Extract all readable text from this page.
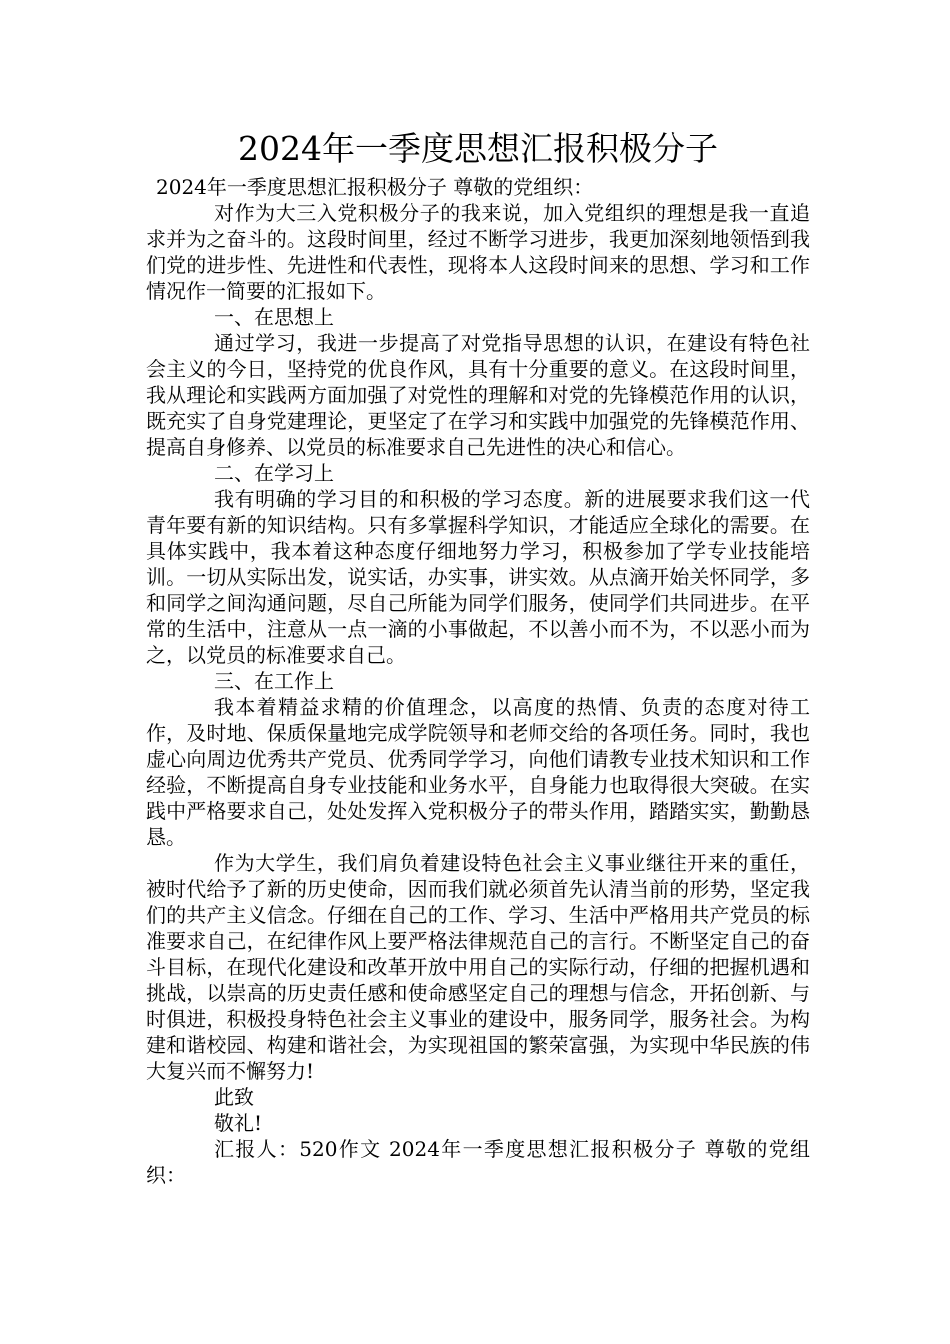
2024年一季度思想汇报积极分子

2024年一季度思想汇报积极分子 尊敬的党组织：

对作为大三入党积极分子的我来说，加入党组织的理想是我一直追求并为之奋斗的。这段时间里，经过不断学习进步，我更加深刻地领悟到我们党的进步性、先进性和代表性，现将本人这段时间来的思想、学习和工作情况作一简要的汇报如下。

一、在思想上

通过学习，我进一步提高了对党指导思想的认识，在建设有特色社会主义的今日，坚持党的优良作风，具有十分重要的意义。在这段时间里，我从理论和实践两方面加强了对党性的理解和对党的先锋模范作用的认识，既充实了自身党建理论，更坚定了在学习和实践中加强党的先锋模范作用、提高自身修养、以党员的标准要求自己先进性的决心和信心。

二、在学习上

我有明确的学习目的和积极的学习态度。新的进展要求我们这一代青年要有新的知识结构。只有多掌握科学知识，才能适应全球化的需要。在具体实践中，我本着这种态度仔细地努力学习，积极参加了学专业技能培训。一切从实际出发，说实话，办实事，讲实效。从点滴开始关怀同学，多和同学之间沟通问题，尽自己所能为同学们服务，使同学们共同进步。在平常的生活中，注意从一点一滴的小事做起，不以善小而不为，不以恶小而为之，以党员的标准要求自己。

三、在工作上

我本着精益求精的价值理念，以高度的热情、负责的态度对待工作，及时地、保质保量地完成学院领导和老师交给的各项任务。同时，我也虚心向周边优秀共产党员、优秀同学学习，向他们请教专业技术知识和工作经验，不断提高自身专业技能和业务水平，自身能力也取得很大突破。在实践中严格要求自己，处处发挥入党积极分子的带头作用，踏踏实实，勤勤恳恳。

作为大学生，我们肩负着建设特色社会主义事业继往开来的重任，被时代给予了新的历史使命，因而我们就必须首先认清当前的形势，坚定我们的共产主义信念。仔细在自己的工作、学习、生活中严格用共产党员的标准要求自己，在纪律作风上要严格法律规范自己的言行。不断坚定自己的奋斗目标，在现代化建设和改革开放中用自己的实际行动，仔细的把握机遇和挑战，以崇高的历史责任感和使命感坚定自己的理想与信念，开拓创新、与时俱进，积极投身特色社会主义事业的建设中，服务同学，服务社会。为构建和谐校园、构建和谐社会，为实现祖国的繁荣富强，为实现中华民族的伟大复兴而不懈努力!

此致

敬礼!

汇报人：520作文 2024年一季度思想汇报积极分子 尊敬的党组织：
